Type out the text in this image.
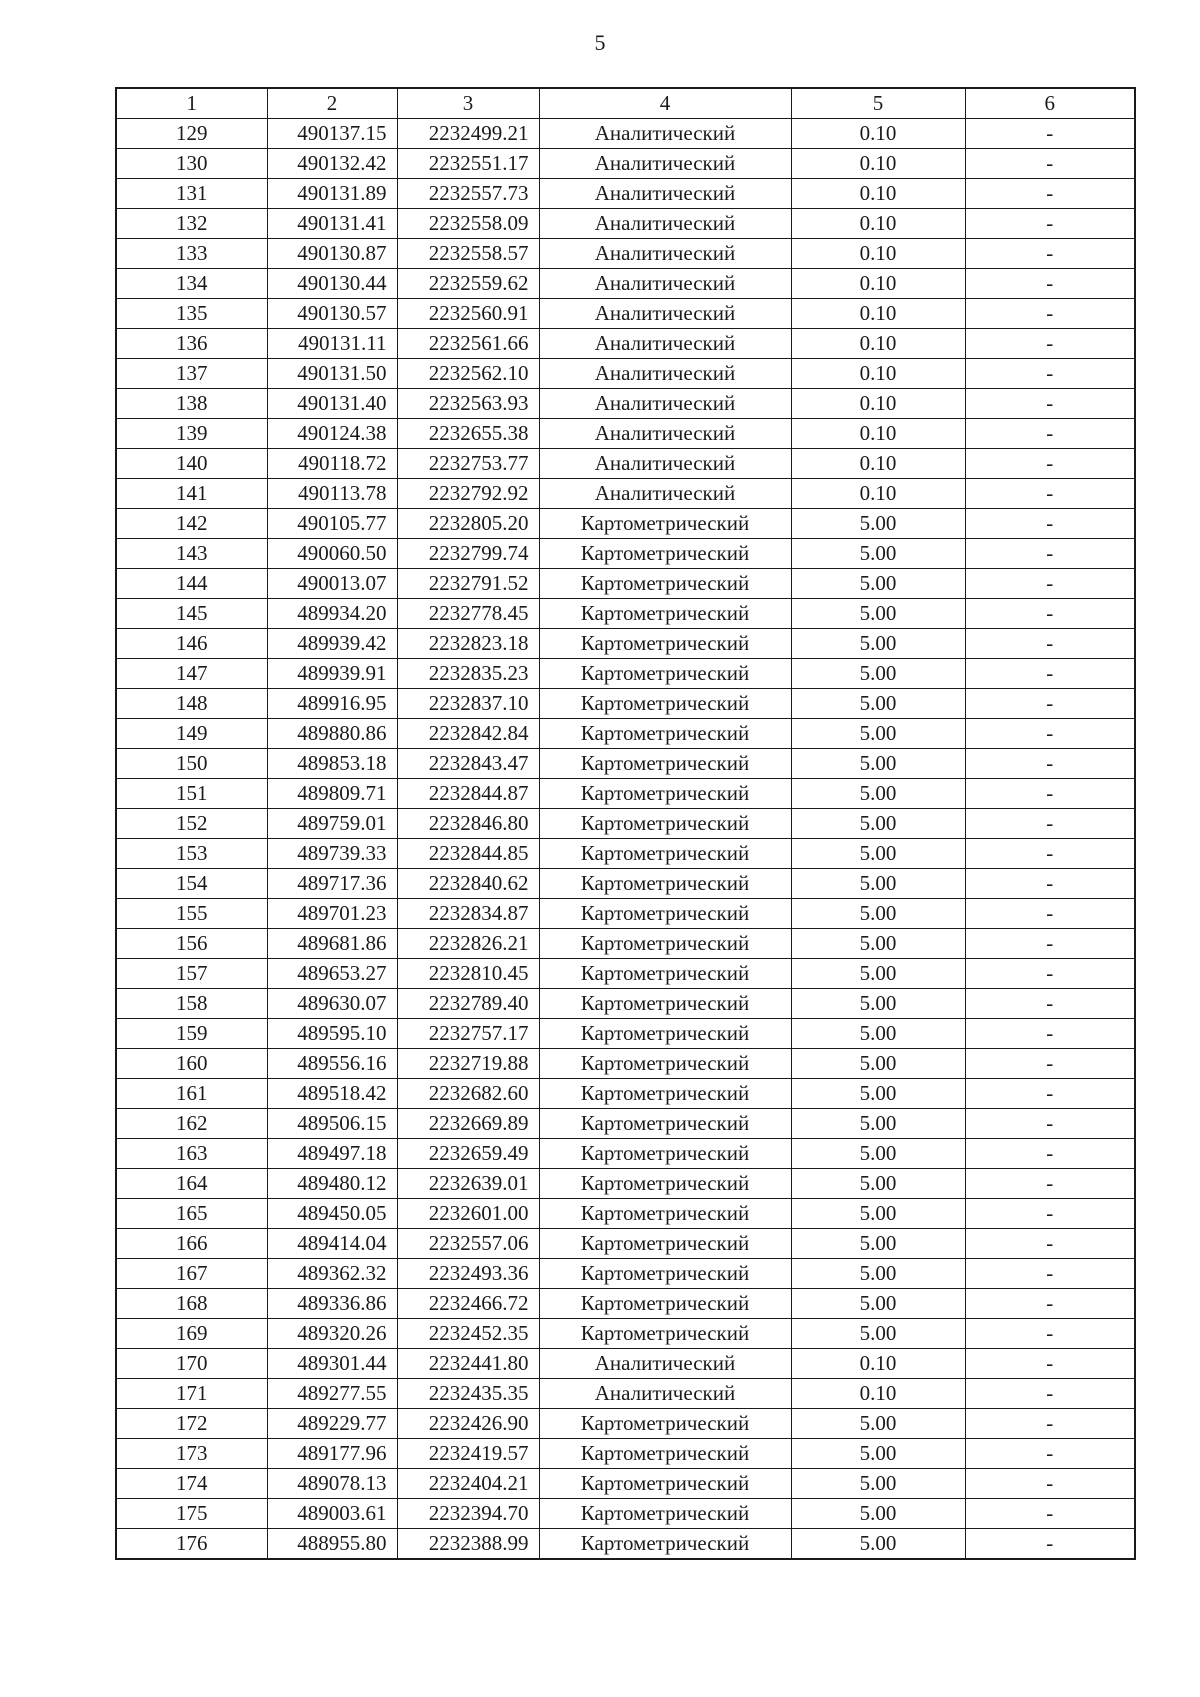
5
1	2	3	4	5	6
129	490137.15	2232499.21	Аналитический	0.10	-
130	490132.42	2232551.17	Аналитический	0.10	-
131	490131.89	2232557.73	Аналитический	0.10	-
132	490131.41	2232558.09	Аналитический	0.10	-
133	490130.87	2232558.57	Аналитический	0.10	-
134	490130.44	2232559.62	Аналитический	0.10	-
135	490130.57	2232560.91	Аналитический	0.10	-
136	490131.11	2232561.66	Аналитический	0.10	-
137	490131.50	2232562.10	Аналитический	0.10	-
138	490131.40	2232563.93	Аналитический	0.10	-
139	490124.38	2232655.38	Аналитический	0.10	-
140	490118.72	2232753.77	Аналитический	0.10	-
141	490113.78	2232792.92	Аналитический	0.10	-
142	490105.77	2232805.20	Картометрический	5.00	-
143	490060.50	2232799.74	Картометрический	5.00	-
144	490013.07	2232791.52	Картометрический	5.00	-
145	489934.20	2232778.45	Картометрический	5.00	-
146	489939.42	2232823.18	Картометрический	5.00	-
147	489939.91	2232835.23	Картометрический	5.00	-
148	489916.95	2232837.10	Картометрический	5.00	-
149	489880.86	2232842.84	Картометрический	5.00	-
150	489853.18	2232843.47	Картометрический	5.00	-
151	489809.71	2232844.87	Картометрический	5.00	-
152	489759.01	2232846.80	Картометрический	5.00	-
153	489739.33	2232844.85	Картометрический	5.00	-
154	489717.36	2232840.62	Картометрический	5.00	-
155	489701.23	2232834.87	Картометрический	5.00	-
156	489681.86	2232826.21	Картометрический	5.00	-
157	489653.27	2232810.45	Картометрический	5.00	-
158	489630.07	2232789.40	Картометрический	5.00	-
159	489595.10	2232757.17	Картометрический	5.00	-
160	489556.16	2232719.88	Картометрический	5.00	-
161	489518.42	2232682.60	Картометрический	5.00	-
162	489506.15	2232669.89	Картометрический	5.00	-
163	489497.18	2232659.49	Картометрический	5.00	-
164	489480.12	2232639.01	Картометрический	5.00	-
165	489450.05	2232601.00	Картометрический	5.00	-
166	489414.04	2232557.06	Картометрический	5.00	-
167	489362.32	2232493.36	Картометрический	5.00	-
168	489336.86	2232466.72	Картометрический	5.00	-
169	489320.26	2232452.35	Картометрический	5.00	-
170	489301.44	2232441.80	Аналитический	0.10	-
171	489277.55	2232435.35	Аналитический	0.10	-
172	489229.77	2232426.90	Картометрический	5.00	-
173	489177.96	2232419.57	Картометрический	5.00	-
174	489078.13	2232404.21	Картометрический	5.00	-
175	489003.61	2232394.70	Картометрический	5.00	-
176	488955.80	2232388.99	Картометрический	5.00	-
